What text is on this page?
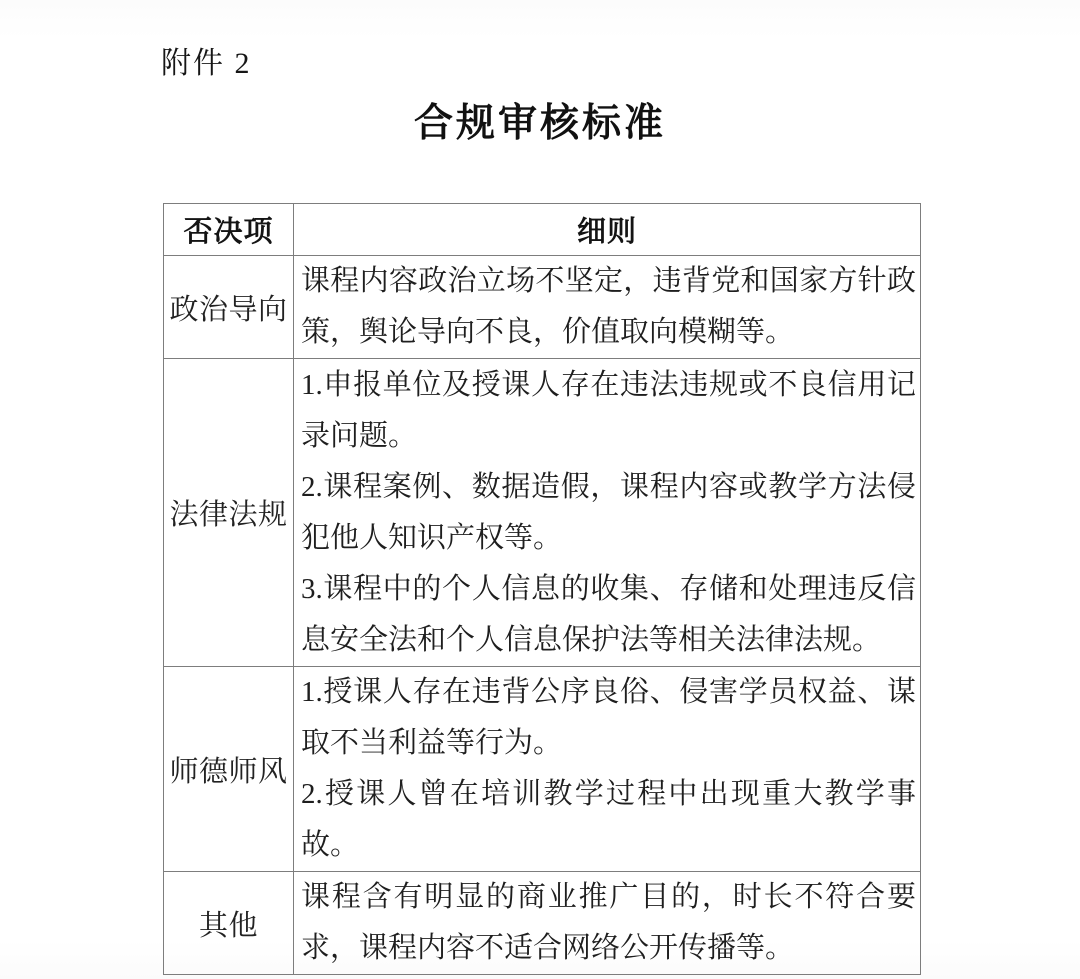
附件 2
合规审核标准
否决项	细则
政治导向	课程内容政治立场不坚定，违背党和国家方针政策，舆论导向不良，价值取向模糊等。

法律法规	1.申报单位及授课人存在违法违规或不良信用记录问题。

2.课程案例、数据造假，课程内容或教学方法侵犯他人知识产权等。

3.课程中的个人信息的收集、存储和处理违反信息安全法和个人信息保护法等相关法律法规。

师德师风	1.授课人存在违背公序良俗、侵害学员权益、谋取不当利益等行为。

2.授课人曾在培训教学过程中出现重大教学事故。

其他	课程含有明显的商业推广目的，时长不符合要求，课程内容不适合网络公开传播等。
